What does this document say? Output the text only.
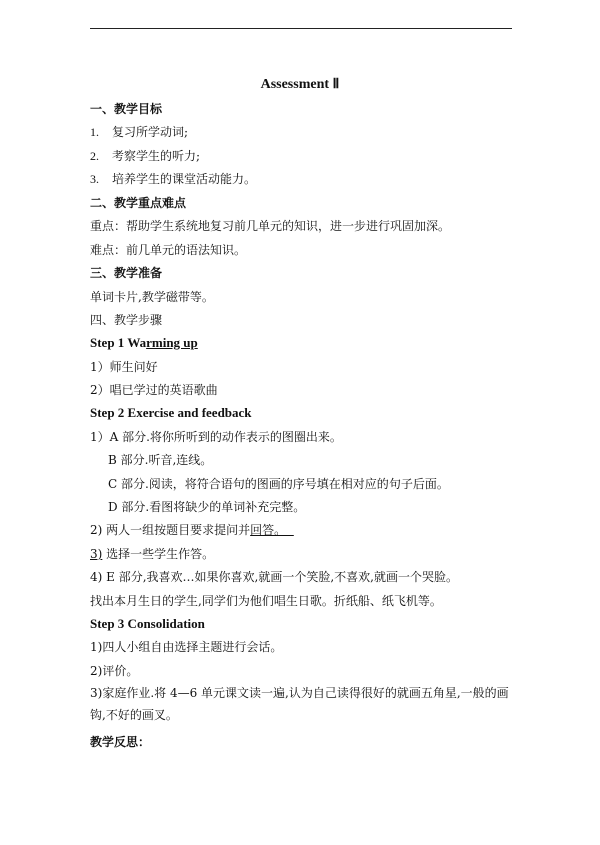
Assessment Ⅱ
一、教学目标
1. 复习所学动词;
2. 考察学生的听力;
3. 培养学生的课堂活动能力。
二、教学重点难点
重点：帮助学生系统地复习前几单元的知识，进一步进行巩固加深。
难点：前几单元的语法知识。
三、教学准备
单词卡片,教学磁带等。
四、教学步骤
Step 1 Warming up
1）师生问好
2）唱已学过的英语歌曲
Step 2 Exercise and feedback
1）A 部分.将你所听到的动作表示的图圈出来。
B 部分.听音,连线。
C 部分.阅读，将符合语句的图画的序号填在相对应的句子后面。
D 部分.看图将缺少的单词补充完整。
2) 两人一组按题目要求提问并回答。
3) 选择一些学生作答。
4) E 部分,我喜欢…如果你喜欢,就画一个笑脸,不喜欢,就画一个哭脸。
找出本月生日的学生,同学们为他们唱生日歌。折纸船、纸飞机等。
Step 3 Consolidation
1)四人小组自由选择主题进行会话。
2)评价。
3)家庭作业.将 4—6 单元课文读一遍,认为自己读得很好的就画五角星,一般的画钩,不好的画叉。
教学反思：
